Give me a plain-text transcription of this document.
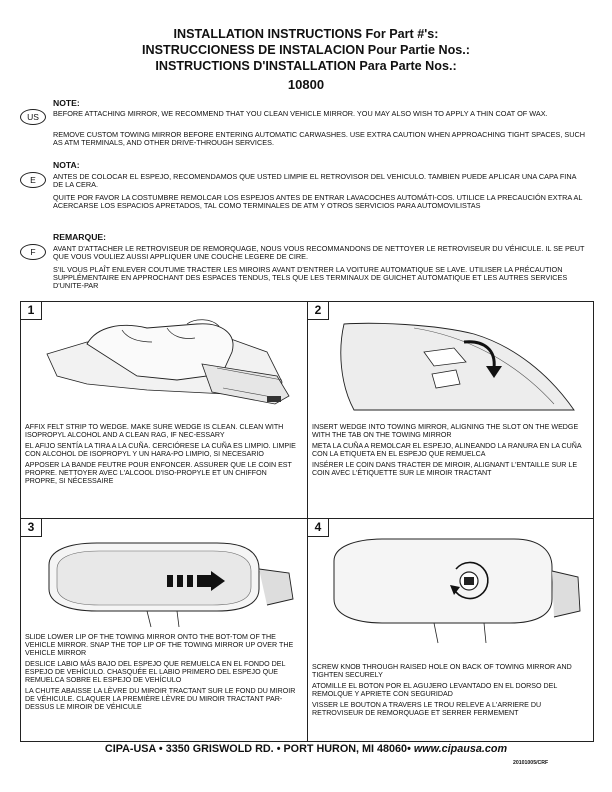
INSTALLATION INSTRUCTIONS For Part #'s:
INSTRUCCIONESS DE INSTALACION Pour Partie Nos.:
INSTRUCTIONS D'INSTALLATION Para Parte Nos.:
10800
NOTE:
US	BEFORE ATTACHING MIRROR, WE RECOMMEND THAT YOU CLEAN VEHICLE MIRROR. YOU MAY ALSO WISH TO APPLY A THIN COAT OF WAX.
REMOVE CUSTOM TOWING MIRROR BEFORE ENTERING AUTOMATIC CARWASHES. USE EXTRA CAUTION WHEN APPROACHING TIGHT SPACES, SUCH AS ATM TERMINALS, AND OTHER DRIVE-THROUGH SERVICES.
NOTA:
E	ANTES DE COLOCAR EL ESPEJO, RECOMENDAMOS QUE USTED LIMPIE EL RETROVISOR DEL VEHICULO. TAMBIEN PUEDE APLICAR UNA CAPA FINA DE LA CERA.
QUITE POR FAVOR LA COSTUMBRE REMOLCAR LOS ESPEJOS ANTES DE ENTRAR LAVACOCHES AUTOMÁTI-COS. UTILICE LA PRECAUCIÓN EXTRA AL ACERCARSE LOS ESPACIOS APRETADOS, TAL COMO TERMINALES DE ATM Y OTROS SERVICIOS PARA AUTOMOVILISTAS
REMARQUE:
F	AVANT D'ATTACHER LE RETROVISEUR DE REMORQUAGE, NOUS VOUS RECOMMANDONS DE NETTOYER LE RETROVISEUR DU VÉHICULE. IL SE PEUT QUE VOUS VOULIEZ AUSSI APPLIQUER UNE COUCHE LEGERE DE CIRE.
S'IL VOUS PLAÎT ENLEVER COUTUME TRACTER LES MIROIRS AVANT D'ENTRER LA VOITURE AUTOMATIQUE SE LAVE. UTILISER LA PRÉCAUTION SUPPLÉMENTAIRE EN APPROCHANT DES ESPACES TENDUS, TELS QUE LES TERMINAUX DE GUICHET AUTOMATIQUE ET LES AUTRES SERVICES D'UNITE-PAR
1

AFFIX FELT STRIP TO WEDGE. MAKE SURE WEDGE IS CLEAN. CLEAN WITH ISOPROPYL ALCOHOL AND A CLEAN RAG, IF NEC-ESSARY

EL AFIJO SENTÍA LA TIRA A LA CUÑA. CERCIÓRESE LA CUÑA ES LIMPIO. LIMPIE CON ALCOHOL DE ISOPROPYL Y UN HARA-PO LIMPIO, SI NECESARIO

APPOSER LA BANDE FEUTRE POUR ENFONCER. ASSURER QUE LE COIN EST PROPRE. NETTOYER AVEC L'ALCOOL D'ISO-PROPYLE ET UN CHIFFON PROPRE, SI NÉCESSAIRE

2

INSERT WEDGE INTO TOWING MIRROR, ALIGNING THE SLOT ON THE WEDGE WITH THE TAB ON THE TOWING MIRROR

META LA CUÑA A REMOLCAR EL ESPEJO, ALINEANDO LA RANURA EN LA CUÑA CON LA ETIQUETA EN EL ESPEJO QUE REMUELCA

INSÉRER LE COIN DANS TRACTER DE MIROIR, ALIGNANT L'ENTAILLE SUR LE COIN AVEC L'ÉTIQUETTE SUR LE MIROIR TRACTANT

3

SLIDE LOWER LIP OF THE TOWING MIRROR ONTO THE BOT-TOM OF THE VEHICLE MIRROR. SNAP THE TOP LIP OF THE TOWING MIRROR UP OVER THE VEHICLE MIRROR

DESLICE LABIO MÁS BAJO DEL ESPEJO QUE REMUELCA EN EL FONDO DEL ESPEJO DE VEHÍCULO. CHASQUÉE EL LABIO PRIMERO DEL ESPEJO QUE REMUELCA SOBRE EL ESPEJO DE VEHÍCULO

LA CHUTE ABAISSE LA LÈVRE DU MIROIR TRACTANT SUR LE FOND DU MIROIR DE VÉHICULE. CLAQUER LA PREMIÈRE LÈVRE DU MIROIR TRACTANT PAR-DESSUS LE MIROIR DE VÉHICULE

4

SCREW KNOB THROUGH RAISED HOLE ON BACK OF TOWING MIRROR AND TIGHTEN SECURELY

ATOMILLE EL BOTON POR EL AGUJERO LEVANTADO EN EL DORSO DEL REMOLQUE Y APRIETE CON SEGURIDAD

VISSER LE BOUTON A TRAVERS LE TROU RELEVE A L'ARRIERE DU RETROVISEUR DE REMORQUAGE ET SERRER FERMEMENT

CIPA-USA • 3350 GRISWOLD RD. • PORT HURON, MI 48060• www.cipausa.com
20101005/CRF
